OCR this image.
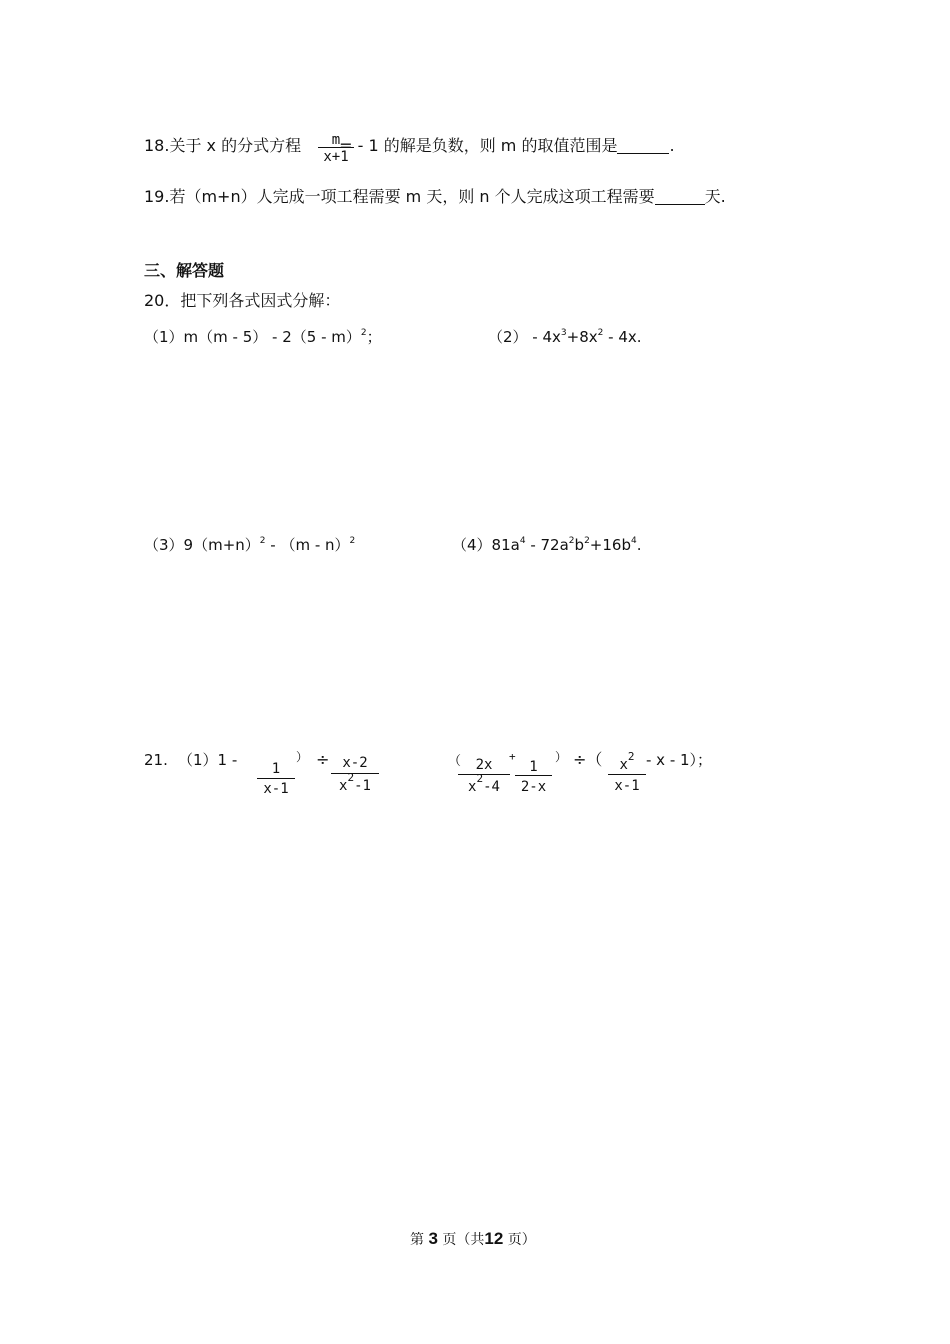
18.关于 x 的分式方程 = - 1 的解是负数，则 m 的取值范围是	.
m
x+1
19.若（m+n）人完成一项工程需要 m 天，则 n 个人完成这项工程需要	天.
三、解答题
20．把下列各式因式分解：
（1）m（m - 5） - 2（5 - m）$^2$；	$(2) - 4x^3+8x^2 - 4x$.
$(3)9(m+n)^2 - (m - n)^2$	$(4)81a^4 - 72a^2b^2+16b^4$.
21. （1）1 -	1
x-1
） ÷ x-2
$x^2-1$
（	2x
$x^2-4$
+
1
2-x
） ÷（	$x^2$
x-1
- x - 1）；
第 3 页（共12 页）
